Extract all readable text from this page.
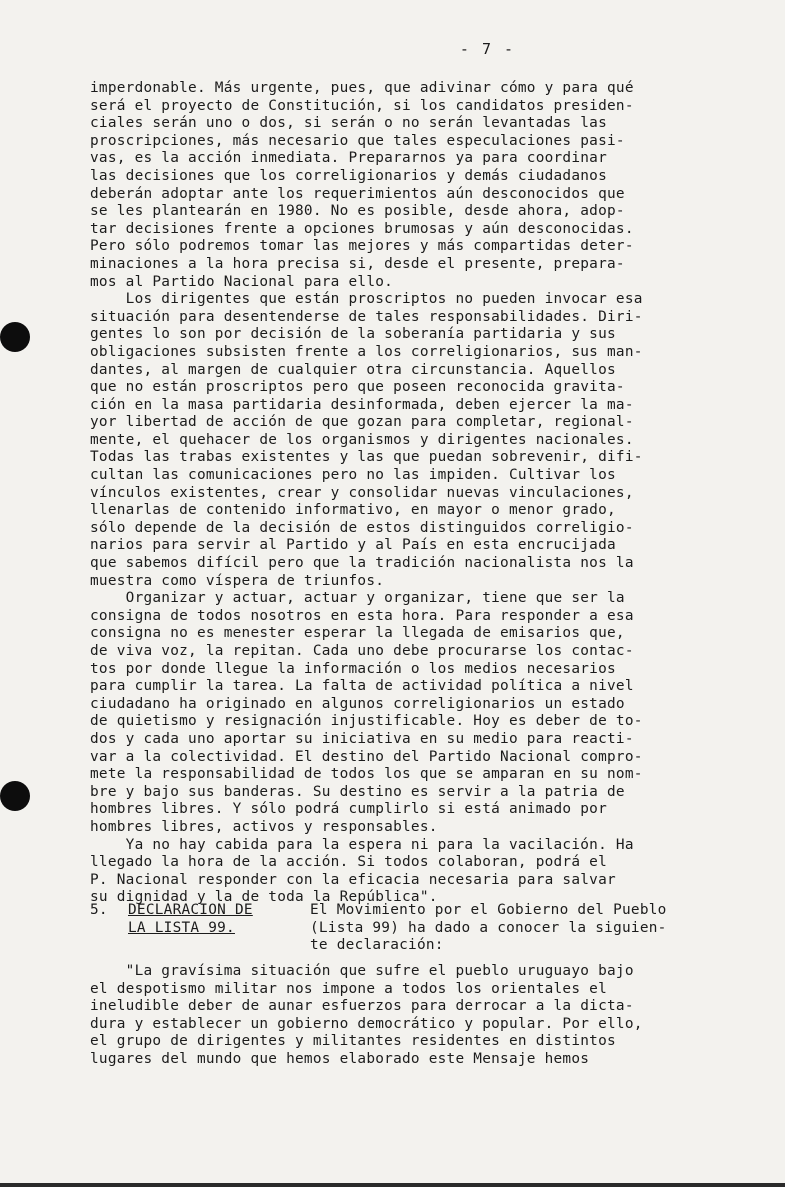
- 7 -
imperdonable. Más urgente, pues, que adivinar cómo y para qué
será el proyecto de Constitución, si los candidatos presiden-
ciales serán uno o dos, si serán o no serán levantadas las
proscripciones, más necesario que tales especulaciones pasi-
vas, es la acción inmediata. Prepararnos ya para coordinar
las decisiones que los correligionarios y demás ciudadanos
deberán adoptar ante los requerimientos aún desconocidos que
se les plantearán en 1980. No es posible, desde ahora, adop-
tar decisiones frente a opciones brumosas y aún desconocidas.
Pero sólo podremos tomar las mejores y más compartidas deter-
minaciones a la hora precisa si, desde el presente, prepara-
mos al Partido Nacional para ello.
Los dirigentes que están proscriptos no pueden invocar esa
situación para desentenderse de tales responsabilidades. Diri-
gentes lo son por decisión de la soberanía partidaria y sus
obligaciones subsisten frente a los correligionarios, sus man-
dantes, al margen de cualquier otra circunstancia. Aquellos
que no están proscriptos pero que poseen reconocida gravita-
ción en la masa partidaria desinformada, deben ejercer la ma-
yor libertad de acción de que gozan para completar, regional-
mente, el quehacer de los organismos y dirigentes nacionales.
Todas las trabas existentes y las que puedan sobrevenir, difi-
cultan las comunicaciones pero no las impiden. Cultivar los
vínculos existentes, crear y consolidar nuevas vinculaciones,
llenarlas de contenido informativo, en mayor o menor grado,
sólo depende de la decisión de estos distinguidos correligio-
narios para servir al Partido y al País en esta encrucijada
que sabemos difícil pero que la tradición nacionalista nos la
muestra como víspera de triunfos.
Organizar y actuar, actuar y organizar, tiene que ser la
consigna de todos nosotros en esta hora. Para responder a esa
consigna no es menester esperar la llegada de emisarios que,
de viva voz, la repitan. Cada uno debe procurarse los contac-
tos por donde llegue la información o los medios necesarios
para cumplir la tarea. La falta de actividad política a nivel
ciudadano ha originado en algunos correligionarios un estado
de quietismo y resignación injustificable. Hoy es deber de to-
dos y cada uno aportar su iniciativa en su medio para reacti-
var a la colectividad. El destino del Partido Nacional compro-
mete la responsabilidad de todos los que se amparan en su nom-
bre y bajo sus banderas. Su destino es servir a la patria de
hombres libres. Y sólo podrá cumplirlo si está animado por
hombres libres, activos y responsables.
Ya no hay cabida para la espera ni para la vacilación. Ha
llegado la hora de la acción. Si todos colaboran, podrá el
P. Nacional responder con la eficacia necesaria para salvar
su dignidad y la de toda la República".
5. DECLARACION DE
LA LISTA 99.
El Movimiento por el Gobierno del Pueblo
(Lista 99) ha dado a conocer la siguien-
te declaración:
"La gravísima situación que sufre el pueblo uruguayo bajo
el despotismo militar nos impone a todos los orientales el
ineludible deber de aunar esfuerzos para derrocar a la dicta-
dura y establecer un gobierno democrático y popular. Por ello,
el grupo de dirigentes y militantes residentes en distintos
lugares del mundo que hemos elaborado este Mensaje hemos
